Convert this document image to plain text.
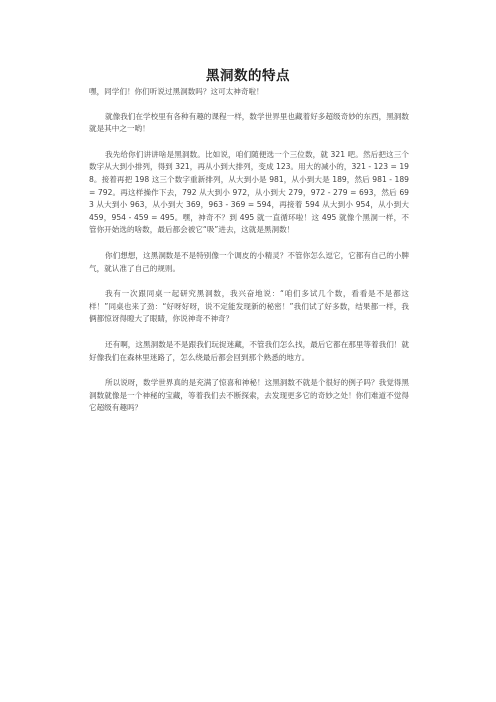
黑洞数的特点

嘿，同学们！你们听说过黑洞数吗？这可太神奇啦！

就像我们在学校里有各种有趣的课程一样，数学世界里也藏着好多超级奇妙的东西，黑洞数就是其中之一哟！

我先给你们讲讲啥是黑洞数。比如说，咱们随便选一个三位数，就 321 吧。然后把这三个数字从大到小排列，得到 321，再从小到大排列，变成 123。用大的减小的，321 - 123 = 198。接着再把 198 这三个数字重新排列，从大到小是 981，从小到大是 189，然后 981 - 189 = 792。再这样操作下去，792 从大到小 972，从小到大 279，972 - 279 = 693，然后 693 从大到小 963，从小到大 369，963 - 369 = 594，再接着 594 从大到小 954，从小到大 459，954 - 459 = 495。嘿，神奇不？到 495 就一直循环啦！这 495 就像个黑洞一样，不管你开始选的啥数，最后都会被它“吸”进去，这就是黑洞数！

你们想想，这黑洞数是不是特别像一个调皮的小精灵？不管你怎么逗它，它都有自己的小脾气，就认准了自己的规则。

我有一次跟同桌一起研究黑洞数，我兴奋地说：“咱们多试几个数，看看是不是都这样！”同桌也来了劲：“好呀好呀，说不定能发现新的秘密！”我们试了好多数，结果都一样，我俩都惊讶得瞪大了眼睛，你说神奇不神奇？

还有啊，这黑洞数是不是跟我们玩捉迷藏，不管我们怎么找，最后它都在那里等着我们！就好像我们在森林里迷路了，怎么绕最后都会回到那个熟悉的地方。

所以说呀，数学世界真的是充满了惊喜和神秘！这黑洞数不就是个很好的例子吗？我觉得黑洞数就像是一个神秘的宝藏，等着我们去不断探索，去发现更多它的奇妙之处！你们难道不觉得它超级有趣吗？
